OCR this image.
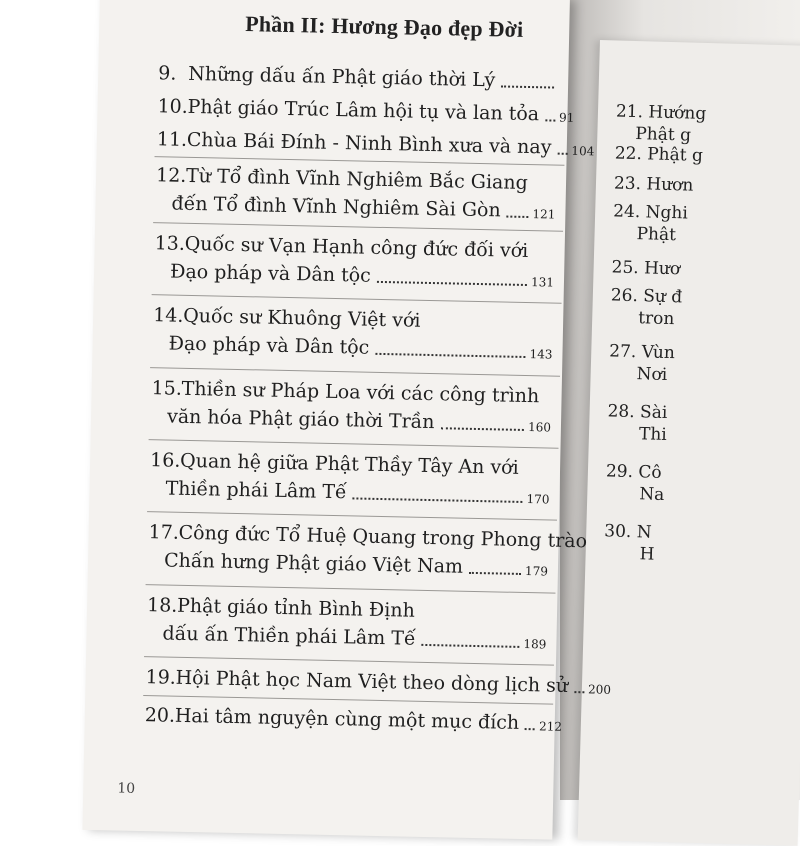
21. Hướng
Phật g
22. Phật g
23. Hươn
24. Nghi
Phật
25. Hươ
26. Sự đ
tron
27. Vùn
Nơi
28. Sài
Thi
29. Cô
Na
30. N
H
Phần II: Hương Đạo đẹp Đời
9. Những dấu ấn Phật giáo thời Lý
10. Phật giáo Trúc Lâm hội tụ và lan tỏa 91
11. Chùa Bái Đính - Ninh Bình xưa và nay 104
12. Từ Tổ đình Vĩnh Nghiêm Bắc Giang
đến Tổ đình Vĩnh Nghiêm Sài Gòn	121
13. Quốc sư Vạn Hạnh công đức đối với
Đạo pháp và Dân tộc	131
14. Quốc sư Khuông Việt với
Đạo pháp và Dân tộc	143
15. Thiền sư Pháp Loa với các công trình
văn hóa Phật giáo thời Trần	160
16. Quan hệ giữa Phật Thầy Tây An với
Thiền phái Lâm Tế	170
17. Công đức Tổ Huệ Quang trong Phong trào
Chấn hưng Phật giáo Việt Nam	179
18. Phật giáo tỉnh Bình Định
dấu ấn Thiền phái Lâm Tế	189
19. Hội Phật học Nam Việt theo dòng lịch sử 200
20. Hai tâm nguyện cùng một mục đích 212
10
